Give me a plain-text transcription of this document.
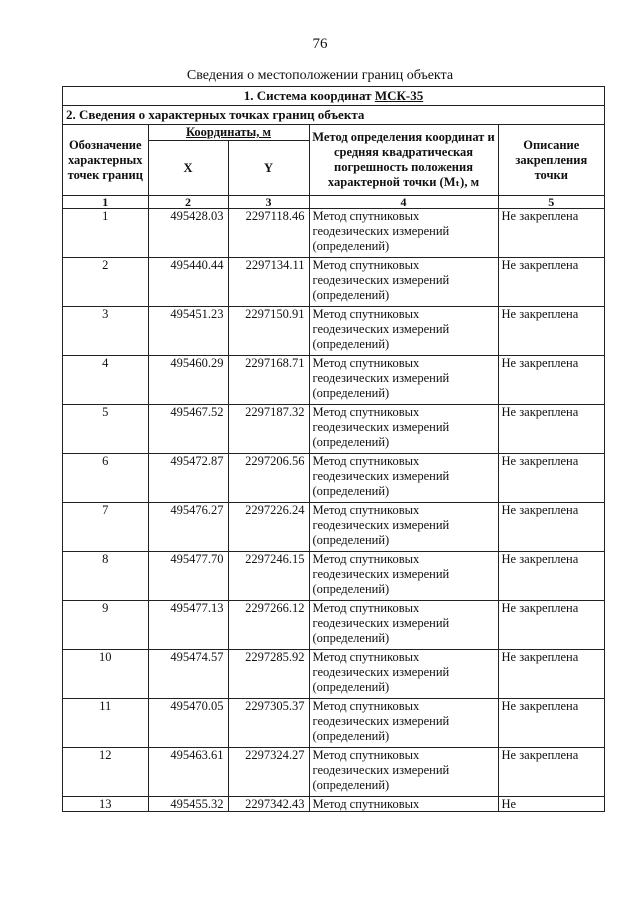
76
Сведения о местоположении границ объекта
1. Система координат МСК-35
2. Сведения о характерных точках границ объекта
Обозначение характерных точек границ	Координаты, м		Метод определения координат и средняя квадратическая погрешность положения характерной точки (Mₜ), м	Описание закрепления точки
	X	Y		
1	2	3	4	5

1	495428.03	2297118.46	Метод спутниковых геодезических измерений (определений)	Не закреплена

2	495440.44	2297134.11	Метод спутниковых геодезических измерений (определений)	Не закреплена

3	495451.23	2297150.91	Метод спутниковых геодезических измерений (определений)	Не закреплена

4	495460.29	2297168.71	Метод спутниковых геодезических измерений (определений)	Не закреплена

5	495467.52	2297187.32	Метод спутниковых геодезических измерений (определений)	Не закреплена

6	495472.87	2297206.56	Метод спутниковых геодезических измерений (определений)	Не закреплена

7	495476.27	2297226.24	Метод спутниковых геодезических измерений (определений)	Не закреплена

8	495477.70	2297246.15	Метод спутниковых геодезических измерений (определений)	Не закреплена

9	495477.13	2297266.12	Метод спутниковых геодезических измерений (определений)	Не закреплена

10	495474.57	2297285.92	Метод спутниковых геодезических измерений (определений)	Не закреплена

11	495470.05	2297305.37	Метод спутниковых геодезических измерений (определений)	Не закреплена

12	495463.61	2297324.27	Метод спутниковых геодезических измерений (определений)	Не закреплена

13	495455.32	2297342.43	Метод спутниковых	Не
